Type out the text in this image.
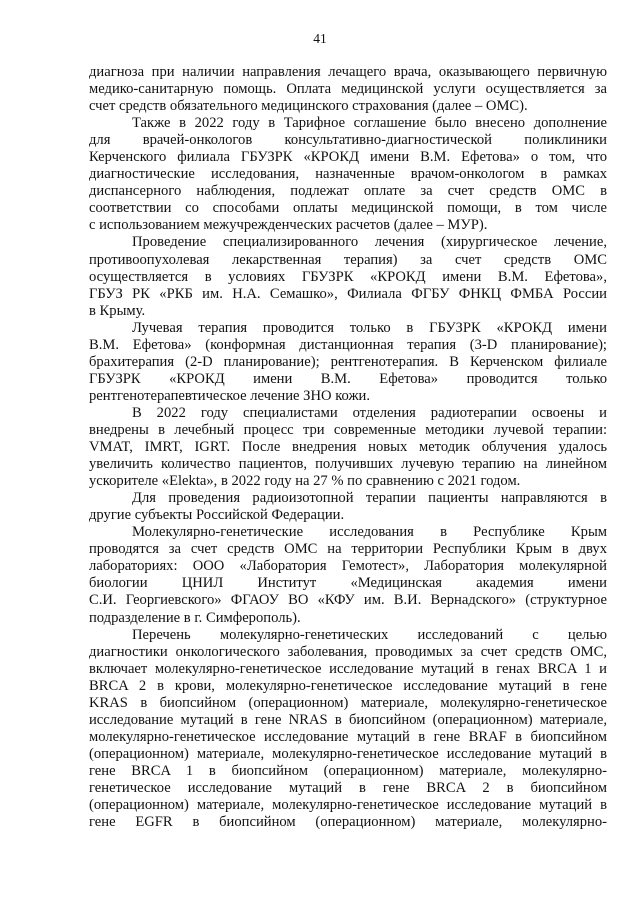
41

диагноза при наличии направления лечащего врача, оказывающего первичную
медико-санитарную помощь. Оплата медицинской услуги осуществляется за
счет средств обязательного медицинского страхования (далее – ОМС).

Также в 2022 году в Тарифное соглашение было внесено дополнение
для врачей-онкологов консультативно-диагностической поликлиники
Керченского филиала ГБУЗРК «КРОКД имени В.М. Ефетова» о том, что
диагностические исследования, назначенные врачом-онкологом в рамках
диспансерного наблюдения, подлежат оплате за счет средств ОМС в
соответствии со способами оплаты медицинской помощи, в том числе
с использованием межучрежденческих расчетов (далее – МУР).

Проведение специализированного лечения (хирургическое лечение,
противоопухолевая лекарственная терапия) за счет средств ОМС
осуществляется в условиях ГБУЗРК «КРОКД имени В.М. Ефетова»,
ГБУЗ РК «РКБ им. Н.А. Семашко», Филиала ФГБУ ФНКЦ ФМБА России
в Крыму.

Лучевая терапия проводится только в ГБУЗРК «КРОКД имени
В.М. Ефетова» (конформная дистанционная терапия (3-D планирование);
брахитерапия (2-D планирование); рентгенотерапия. В Керченском филиале
ГБУЗРК «КРОКД имени В.М. Ефетова» проводится только
рентгенотерапевтическое лечение ЗНО кожи.

В 2022 году специалистами отделения радиотерапии освоены и
внедрены в лечебный процесс три современные методики лучевой терапии:
VMAT, IMRT, IGRT. После внедрения новых методик облучения удалось
увеличить количество пациентов, получивших лучевую терапию на линейном
ускорителе «Elekta», в 2022 году на 27 % по сравнению с 2021 годом.

Для проведения радиоизотопной терапии пациенты направляются в
другие субъекты Российской Федерации.

Молекулярно-генетические исследования в Республике Крым
проводятся за счет средств ОМС на территории Республики Крым в двух
лабораториях: ООО «Лаборатория Гемотест», Лаборатория молекулярной
биологии ЦНИЛ Институт «Медицинская академия имени
С.И. Георгиевского» ФГАОУ ВО «КФУ им. В.И. Вернадского» (структурное
подразделение в г. Симферополь).

Перечень молекулярно-генетических исследований с целью
диагностики онкологического заболевания, проводимых за счет средств ОМС,
включает молекулярно-генетическое исследование мутаций в генах BRCA 1 и
BRCA 2 в крови, молекулярно-генетическое исследование мутаций в гене
KRAS в биопсийном (операционном) материале, молекулярно-генетическое
исследование мутаций в гене NRAS в биопсийном (операционном) материале,
молекулярно-генетическое исследование мутаций в гене BRAF в биопсийном
(операционном) материале, молекулярно-генетическое исследование мутаций в
гене BRCA 1 в биопсийном (операционном) материале, молекулярно-
генетическое исследование мутаций в гене BRCA 2 в биопсийном
(операционном) материале, молекулярно-генетическое исследование мутаций в
гене EGFR в биопсийном (операционном) материале, молекулярно-
